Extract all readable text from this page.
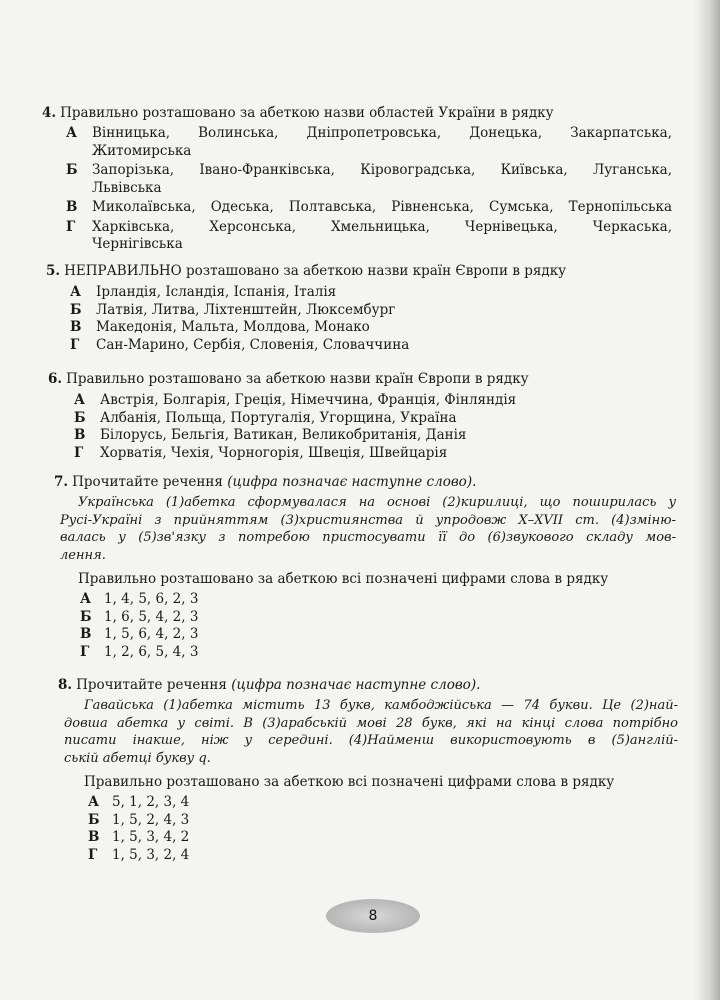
4. Правильно розташовано за абеткою назви областей України в рядку
А	Вінницька, Волинська, Дніпропетровська, Донецька, Закарпатська,
Житомирська
Б	Запорізька, Івано-Франківська, Кіровоградська, Київська, Луганська,
Львівська
В	Миколаївська, Одеська, Полтавська, Рівненська, Сумська, Тернопільська
Г	Харківська, Херсонська, Хмельницька, Чернівецька, Черкаська,
Чернігівська
5. НЕПРАВИЛЬНО розташовано за абеткою назви країн Європи в рядку
А	Ірландія, Ісландія, Іспанія, Італія
Б	Латвія, Литва, Ліхтенштейн, Люксембург
В	Македонія, Мальта, Молдова, Монако
Г	Сан-Марино, Сербія, Словенія, Словаччина
6. Правильно розташовано за абеткою назви країн Європи в рядку
А	Австрія, Болгарія, Греція, Німеччина, Франція, Фінляндія
Б	Албанія, Польща, Португалія, Угорщина, Україна
В	Білорусь, Бельгія, Ватикан, Великобританія, Данія
Г	Хорватія, Чехія, Чорногорія, Швеція, Швейцарія
7. Прочитайте речення (цифра позначає наступне слово).
Українська (1)абетка сформувалася на основі (2)кирилиці, що поширилась у
Русі-Україні з прийняттям (3)християнства й упродовж X–XVII ст. (4)зміню-
валась у (5)зв'язку з потребою пристосувати її до (6)звукового складу мов-
лення.
Правильно розташовано за абеткою всі позначені цифрами слова в рядку
А 1, 4, 5, 6, 2, 3
Б 1, 6, 5, 4, 2, 3
В 1, 5, 6, 4, 2, 3
Г	1, 2, 6, 5, 4, 3
8. Прочитайте речення (цифра позначає наступне слово).
Гавайська (1)абетка містить 13 букв, камбоджійська — 74 букви. Це (2)най-
довша абетка у світі. В (3)арабській мові 28 букв, які на кінці слова потрібно
писати інакше, ніж у середині. (4)Найменш використовують в (5)англій-
ській абетці букву q.
Правильно розташовано за абеткою всі позначені цифрами слова в рядку
А 5, 1, 2, 3, 4
Б 1, 5, 2, 4, 3
В 1, 5, 3, 4, 2
Г	1, 5, 3, 2, 4
8
